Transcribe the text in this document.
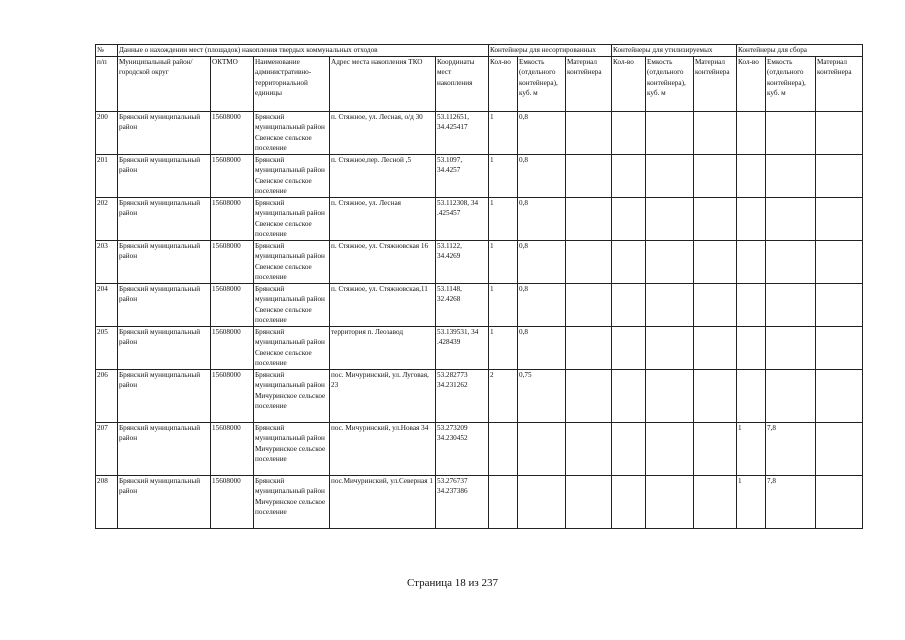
№	Данные о нахождении мест (площадок) накопления твердых коммунальных отходов					Контейнеры для несортированных			Контейнеры для утилизируемых			Контейнеры для сбора		
п/п	Муниципальный район/городской округ	ОКТМО	Наименование административно-территориальной единицы	Адрес места накопления ТКО	Координаты мест накопления	Кол-во	Емкость (отдельного контейнера), куб. м	Материал контейнера	Кол-во	Емкость (отдельного контейнера), куб. м	Материал контейнера	Кол-во	Емкость (отдельного контейнера), куб. м	Материал контейнера
200	Брянский муниципальный район	15608000	Брянский муниципальный район Свенское сельское поселение	п. Стяжное, ул. Лесная, о/д 30	53.112651, 34.425417	1	0,8							
201	Брянский муниципальный район	15608000	Брянский муниципальный район Свенское сельское поселение	п. Стяжное,пер. Лесной ,5	53.1097, 34.4257	1	0,8							
202	Брянский муниципальный район	15608000	Брянский муниципальный район Свенское сельское поселение	п. Стяжное, ул. Лесная	53.112308, 34 .425457	1	0,8							
203	Брянский муниципальный район	15608000	Брянский муниципальный район Свенское сельское поселение	п. Стяжное, ул. Стяжновская 16	53.1122, 34.4269	1	0,8							
204	Брянский муниципальный район	15608000	Брянский муниципальный район Свенское сельское поселение	п. Стяжное, ул. Стяжновская,11	53.1148, 32.4268	1	0,8							
205	Брянский муниципальный район	15608000	Брянский муниципальный район Свенское сельское поселение	территория п. Леозавод	53.139531, 34 .428439	1	0,8							
206	Брянский муниципальный район	15608000	Брянский муниципальный район Мичуринское сельское поселение	пос. Мичуринский, ул. Луговая, 23	53.282773 34.231262	2	0,75							
207	Брянский муниципальный район	15608000	Брянский муниципальный район Мичуринское сельское поселение	пос. Мичуринский, ул.Новая 34	53.273209 34.230452							1	7,8	
208	Брянский муниципальный район	15608000	Брянский муниципальный район Мичуринское сельское поселение	пос.Мичуринский, ул.Северная 1	53.276737 34.237386							1	7,8	
Страница 18 из 237
